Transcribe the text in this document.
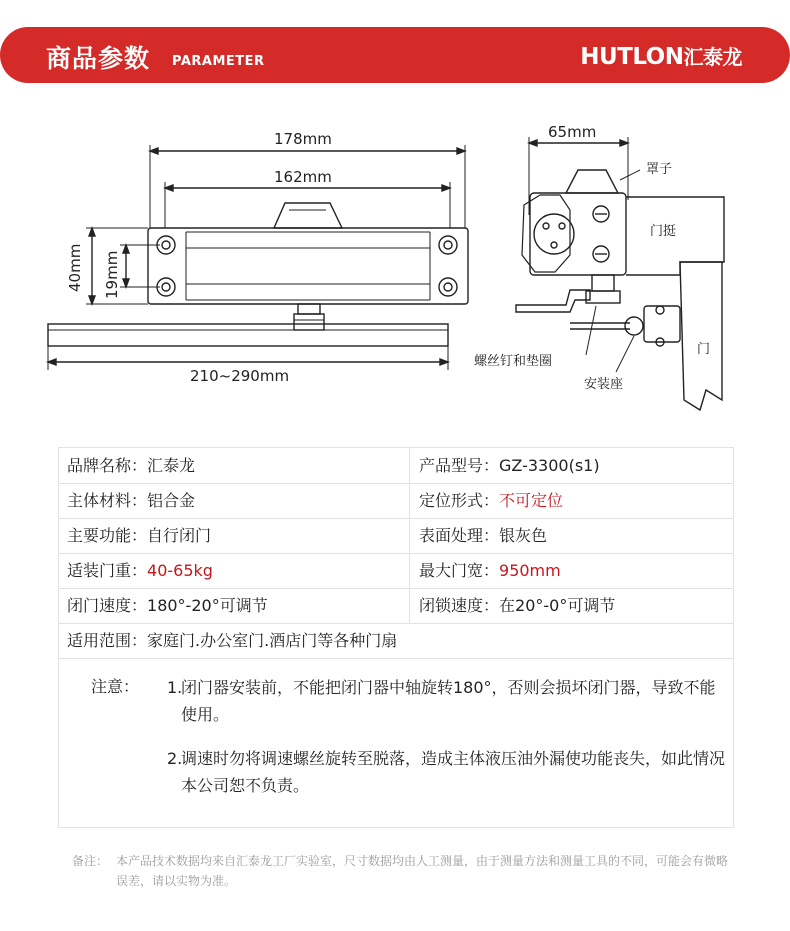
商品参数 PARAMETER	HUTLON汇泰龙
178mm
162mm
210~290mm
65mm
40mm 19mm
罩子
门挺
螺丝钉和垫圈
安装座
门
品牌名称：汇泰龙	产品型号：GZ-3300(s1)
主体材料：铝合金	定位形式：不可定位
主要功能：自行闭门	表面处理：银灰色
适装门重：40-65kg	最大门宽：950mm
闭门速度：180°-20°可调节	闭锁速度：在20°-0°可调节
适用范围：家庭门.办公室门.酒店门等各种门扇
注意： 1.
闭门器安装前，不能把闭门器中轴旋转180°，否则会损坏闭门器，导致不能使用。
2.
调速时勿将调速螺丝旋转至脱落，造成主体液压油外漏使功能丧失，如此情况本公司恕不负责。
备注： 本产品技术数据均来自汇泰龙工厂实验室，尺寸数据均由人工测量，由于测量方法和测量工具的不同，可能会有微略误差，请以实物为准。
